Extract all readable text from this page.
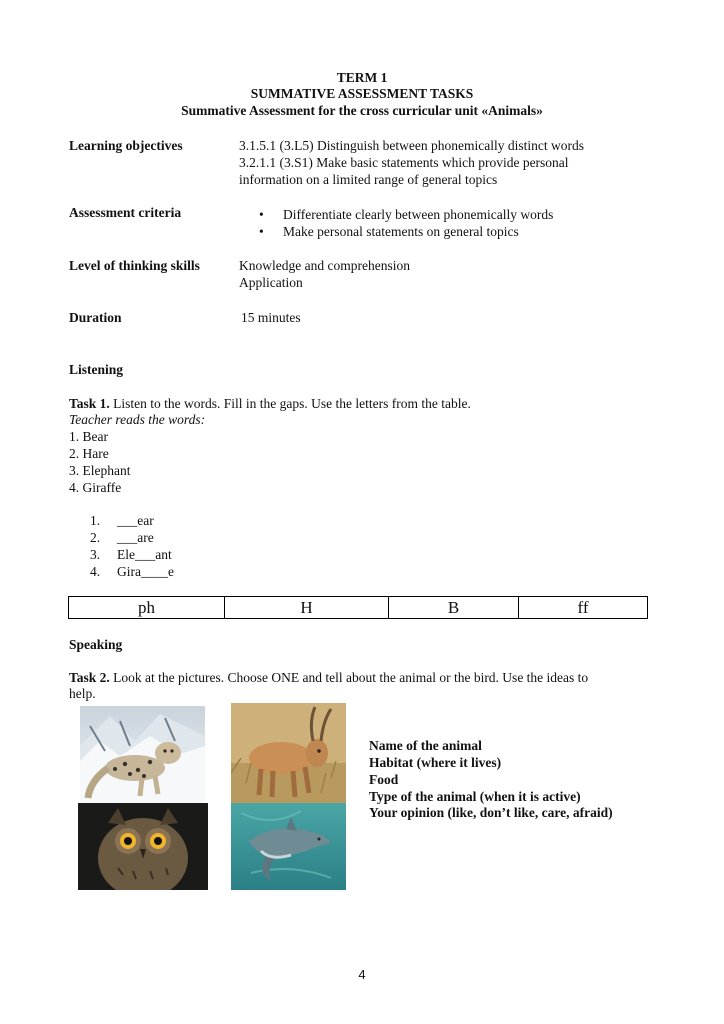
TERM 1
SUMMATIVE ASSESSMENT TASKS
Summative Assessment for the cross curricular unit «Animals»
Learning objectives	3.1.5.1 (3.L5) Distinguish between phonemically distinct words
3.2.1.1 (3.S1) Make basic statements which provide personal
information on a limited range of general topics
Assessment criteria	• Differentiate clearly between phonemically words
• Make personal statements on general topics
Level of thinking skills	Knowledge and comprehension
Application
Duration	15 minutes
Listening
Task 1. Listen to the words. Fill in the gaps. Use the letters from the table.
Teacher reads the words:
1. Bear
2. Hare
3. Elephant
4. Giraffe
1.	___ear
2.	___are
3.	Ele___ant
4.	Gira____e
ph	H	B	ff
Speaking
Task 2. Look at the pictures. Choose ONE and tell about the animal or the bird. Use the ideas to
help.
Name of the animal
Habitat (where it lives)
Food
Type of the animal (when it is active)
Your opinion (like, don’t like, care, afraid)
4
